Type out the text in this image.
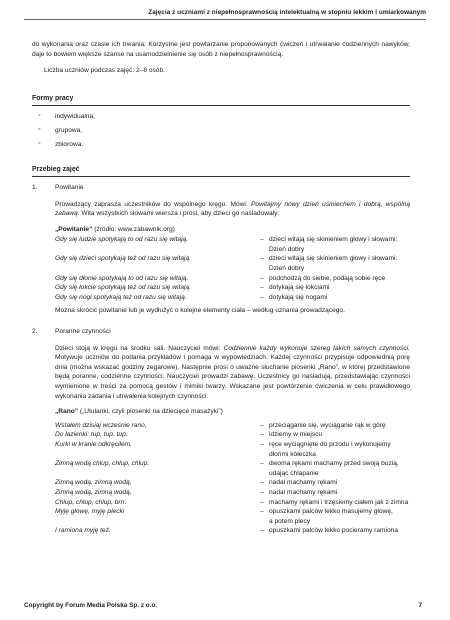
Zajęcia z uczniami z niepełnosprawnością intelektualną w stopniu lekkim i umiarkowanym

do wykonania oraz czasie ich trwania. Korzystne jest powtarzanie proponowanych ćwiczeń i utrwalanie codziennych nawyków, daje to bowiem większe szanse na usamodzielnienie się osób z niepełnosprawnością.

Liczba uczniów podczas zajęć: 2–8 osób.

Formy pracy
◦ indywidualna,
◦ grupowa,
◦ zbiorowa.
Przebieg zajęć
1.	Powitanie

Prowadzący zaprasza uczestników do wspólnego kręgu. Mówi: Powitajmy nowy dzień uśmiechem i dobrą, wspólną zabawą. Wita wszystkich słowami wiersza i prosi, aby dzieci go naśladowały:

„Powitanie” (źródło: www.zabawnik.org)
Gdy się ludzie spotykają to od razu się witają.	– dzieci witają się skinieniem głowy i słowami:
Dzień dobry
Gdy się dzieci spotykają też od razu się witają.	– dzieci witają się skinieniem głowy i słowami:
Dzień dobry
Gdy się dłonie spotykają to od razu się witają.	– podchodzą do siebie, podają sobie ręce
Gdy się łokcie spotykają też od razu się witają.	– dotykają się łokciami
Gdy się nogi spotykają też od razu się witają.	– dotykają się nogami

Można skrócić powitanie lub je wydłużyć o kolejne elementy ciała – według uznania prowadzącego.

2.	Poranne czynności

Dzieci stoją w kręgu na środku sali. Nauczyciel mówi: Codziennie każdy wykonuje szereg takich samych czynności. Motywuje uczniów do podania przykładów i pomaga w wypowiedziach. Każdej czynności przypisuje odpowiednią porę dnia (można wskazać godziny zegarowe). Następnie prosi o uważne słuchanie piosenki „Rano”, w której przedstawione będą poranne, codzienne czynności. Nauczyciel prowadzi zabawę. Uczestnicy go naśladują, przedstawiając czynności wymienione w treści za pomocą gestów i mimiki twarzy. Wskazane jest powtórzenie ćwiczenia w celu prawidłowego wykonania zadania i utrwalenia kolejnych czynności.

„Rano” („Utulanki, czyli piosenki na dziecięce masażyki”)
Wstałem dzisiaj wcześnie rano,	– przeciąganie się, wyciąganie rąk w górę
Do łazienki: tup, tup, tup.	– idziemy w miejscu
Kurki w kranie odkręciłem,	– ręce wyciągnięte do przodu i wykonujemy
dłońmi kółeczka
Zimną wodą chlup, chlup, chlup.	– dwoma rękami machamy przed swoją buzią,
udając chlapanie
Zimną wodą, zimną wodą,	– nadal machamy rękami
Zimną wodą, zimną wodą,	– nadal machamy rękami
Chlup, chlup, chlup, brrr.	– machamy rękami i trzęsiemy ciałem jak z zimna
Myję głowę, myję plecki	– opuszkami palców lekko masujemy głowę,
a potem plecy
I ramiona myję też.	– opuszkami palców lekko pocieramy ramiona
Copyright by Forum Media Polska Sp. z o.o.	7
